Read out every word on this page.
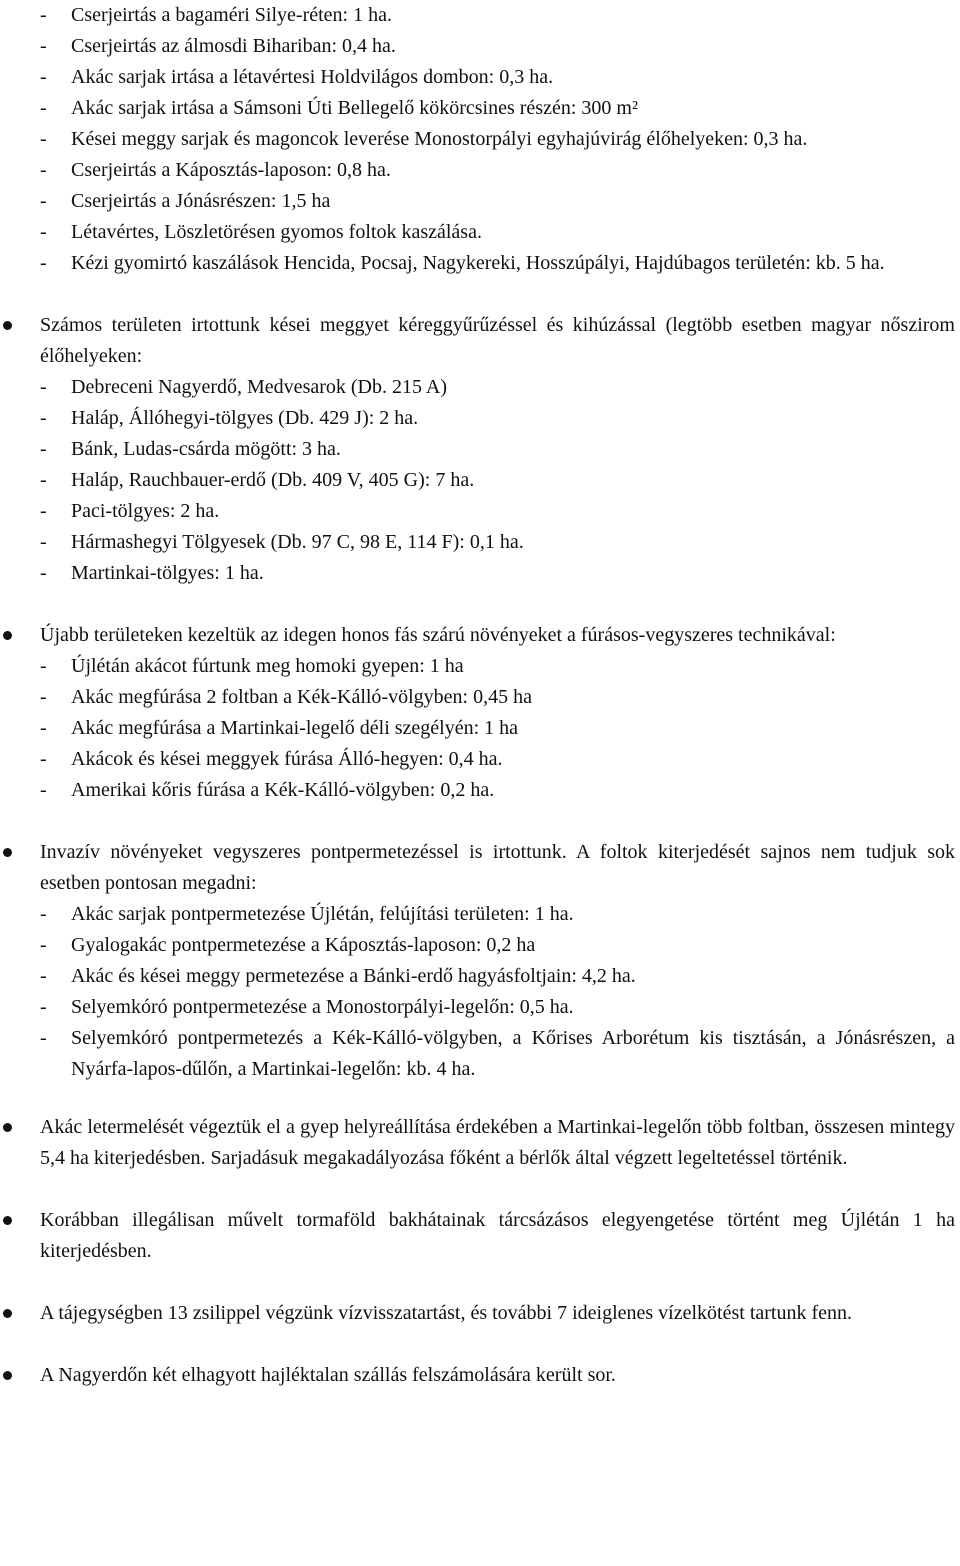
-	Cserjeirtás a bagaméri Silye-réten: 1 ha.
-	Cserjeirtás az álmosdi Bihariban: 0,4 ha.
-	Akác sarjak irtása a létavértesi Holdvilágos dombon: 0,3 ha.
-	Akác sarjak irtása a Sámsoni Úti Bellegelő kökörcsines részén: 300 m²
-	Kései meggy sarjak és magoncok leverése Monostorpályi egyhajúvirág élőhelyeken: 0,3 ha.
-	Cserjeirtás a Káposztás-laposon: 0,8 ha.
-	Cserjeirtás a Jónásrészen: 1,5 ha
-	Létavértes, Löszletörésen gyomos foltok kaszálása.
-	Kézi gyomirtó kaszálások Hencida, Pocsaj, Nagykereki, Hosszúpályi, Hajdúbagos területén: kb. 5 ha.
Számos területen irtottunk kései meggyet kéreggyűrűzéssel és kihúzással (legtöbb esetben magyar nőszirom élőhelyeken:
-	Debreceni Nagyerdő, Medvesarok (Db. 215 A)
-	Haláp, Állóhegyi-tölgyes (Db. 429 J): 2 ha.
-	Bánk, Ludas-csárda mögött: 3 ha.
-	Haláp, Rauchbauer-erdő (Db. 409 V, 405 G): 7 ha.
-	Paci-tölgyes: 2 ha.
-	Hármashegyi Tölgyesek (Db. 97 C, 98 E, 114 F): 0,1 ha.
-	Martinkai-tölgyes: 1 ha.
Újabb területeken kezeltük az idegen honos fás szárú növényeket a fúrásos-vegyszeres technikával:
-	Újlétán akácot fúrtunk meg homoki gyepen: 1 ha
-	Akác megfúrása 2 foltban a Kék-Kálló-völgyben: 0,45 ha
-	Akác megfúrása a Martinkai-legelő déli szegélyén: 1 ha
-	Akácok és kései meggyek fúrása Álló-hegyen: 0,4 ha.
-	Amerikai kőris fúrása a Kék-Kálló-völgyben: 0,2 ha.
Invazív növényeket vegyszeres pontpermetezéssel is irtottunk. A foltok kiterjedését sajnos nem tudjuk sok esetben pontosan megadni:
-	Akác sarjak pontpermetezése Újlétán, felújítási területen: 1 ha.
-	Gyalogakác pontpermetezése a Káposztás-laposon: 0,2 ha
-	Akác és kései meggy permetezése a Bánki-erdő hagyásfoltjain: 4,2 ha.
-	Selyemkóró pontpermetezése a Monostorpályi-legelőn: 0,5 ha.
-	Selyemkóró pontpermetezés a Kék-Kálló-völgyben, a Kőrises Arborétum kis tisztásán, a Jónásrészen, a Nyárfa-lapos-dűlőn, a Martinkai-legelőn: kb. 4 ha.
Akác letermelését végeztük el a gyep helyreállítása érdekében a Martinkai-legelőn több foltban, összesen mintegy 5,4 ha kiterjedésben. Sarjadásuk megakadályozása főként a bérlők által végzett legeltetéssel történik.
Korábban illegálisan művelt tormaföld bakhátainak tárcsázásos elegyengetése történt meg Újlétán 1 ha kiterjedésben.
A tájegységben 13 zsilippel végzünk vízvisszatartást, és további 7 ideiglenes vízelkötést tartunk fenn.
A Nagyerdőn két elhagyott hajléktalan szállás felszámolására került sor.
